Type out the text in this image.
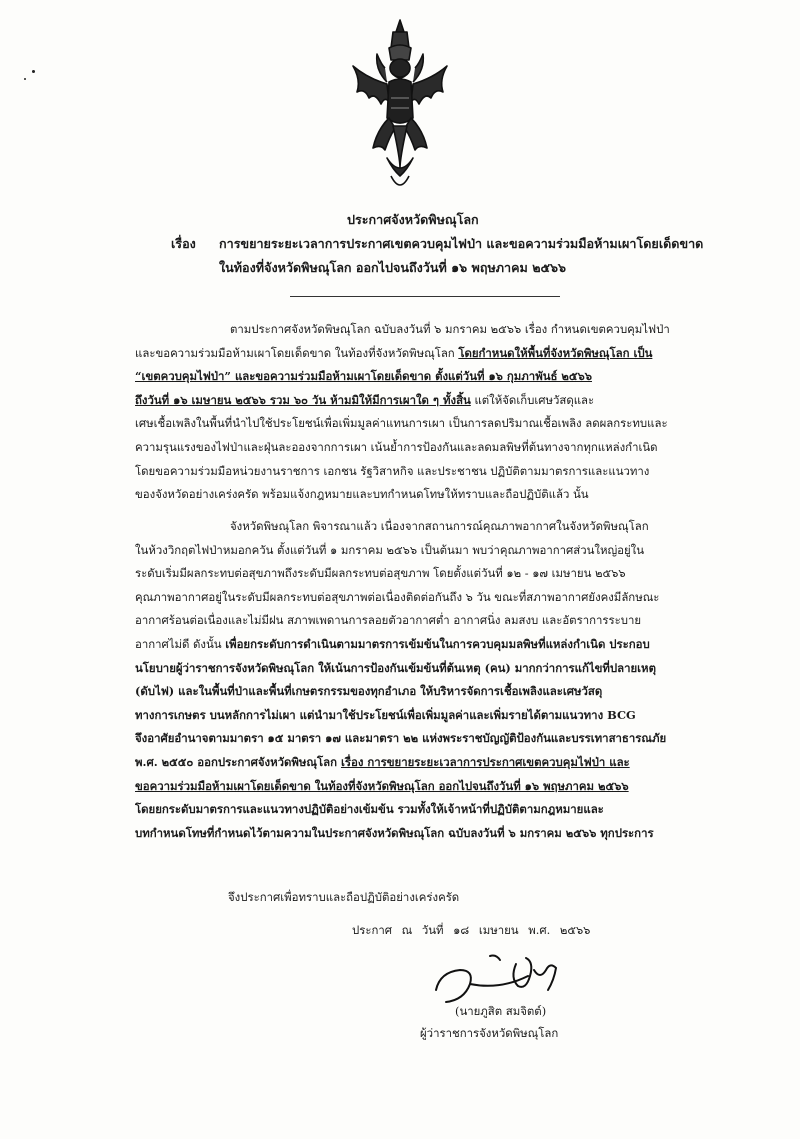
ประกาศจังหวัดพิษณุโลก
เรื่อง การขยายระยะเวลาการประกาศเขตควบคุมไฟป่า และขอความร่วมมือห้ามเผาโดยเด็ดขาด
ในท้องที่จังหวัดพิษณุโลก ออกไปจนถึงวันที่ ๑๖ พฤษภาคม ๒๕๖๖
ตามประกาศจังหวัดพิษณุโลก ฉบับลงวันที่ ๖ มกราคม ๒๕๖๖ เรื่อง กำหนดเขตควบคุมไฟป่า
และขอความร่วมมือห้ามเผาโดยเด็ดขาด ในท้องที่จังหวัดพิษณุโลก โดยกำหนดให้พื้นที่จังหวัดพิษณุโลก เป็น
“เขตควบคุมไฟป่า” และขอความร่วมมือห้ามเผาโดยเด็ดขาด ตั้งแต่วันที่ ๑๖ กุมภาพันธ์ ๒๕๖๖
ถึงวันที่ ๑๖ เมษายน ๒๕๖๖ รวม ๖๐ วัน ห้ามมิให้มีการเผาใด ๆ ทั้งสิ้น แต่ให้จัดเก็บเศษวัสดุและ
เศษเชื้อเพลิงในพื้นที่นำไปใช้ประโยชน์เพื่อเพิ่มมูลค่าแทนการเผา เป็นการลดปริมาณเชื้อเพลิง ลดผลกระทบและ
ความรุนแรงของไฟป่าและฝุ่นละอองจากการเผา เน้นย้ำการป้องกันและลดมลพิษที่ต้นทางจากทุกแหล่งกำเนิด
โดยขอความร่วมมือหน่วยงานราชการ เอกชน รัฐวิสาหกิจ และประชาชน ปฏิบัติตามมาตรการและแนวทาง
ของจังหวัดอย่างเคร่งครัด พร้อมแจ้งกฎหมายและบทกำหนดโทษให้ทราบและถือปฏิบัติแล้ว นั้น
จังหวัดพิษณุโลก พิจารณาแล้ว เนื่องจากสถานการณ์คุณภาพอากาศในจังหวัดพิษณุโลก
ในห้วงวิกฤตไฟป่าหมอกควัน ตั้งแต่วันที่ ๑ มกราคม ๒๕๖๖ เป็นต้นมา พบว่าคุณภาพอากาศส่วนใหญ่อยู่ใน
ระดับเริ่มมีผลกระทบต่อสุขภาพถึงระดับมีผลกระทบต่อสุขภาพ โดยตั้งแต่วันที่ ๑๒ - ๑๗ เมษายน ๒๕๖๖
คุณภาพอากาศอยู่ในระดับมีผลกระทบต่อสุขภาพต่อเนื่องติดต่อกันถึง ๖ วัน ขณะที่สภาพอากาศยังคงมีลักษณะ
อากาศร้อนต่อเนื่องและไม่มีฝน สภาพเพดานการลอยตัวอากาศต่ำ อากาศนิ่ง ลมสงบ และอัตราการระบาย
อากาศไม่ดี ดังนั้น เพื่อยกระดับการดำเนินตามมาตรการเข้มข้นในการควบคุมมลพิษที่แหล่งกำเนิด ประกอบ
นโยบายผู้ว่าราชการจังหวัดพิษณุโลก ให้เน้นการป้องกันเข้มข้นที่ต้นเหตุ (คน) มากกว่าการแก้ไขที่ปลายเหตุ
(ดับไฟ) และในพื้นที่ป่าและพื้นที่เกษตรกรรมของทุกอำเภอ ให้บริหารจัดการเชื้อเพลิงและเศษวัสดุ
ทางการเกษตร บนหลักการไม่เผา แต่นำมาใช้ประโยชน์เพื่อเพิ่มมูลค่าและเพิ่มรายได้ตามแนวทาง BCG
จึงอาศัยอำนาจตามมาตรา ๑๕ มาตรา ๑๗ และมาตรา ๒๒ แห่งพระราชบัญญัติป้องกันและบรรเทาสาธารณภัย
พ.ศ. ๒๕๕๐ ออกประกาศจังหวัดพิษณุโลก เรื่อง การขยายระยะเวลาการประกาศเขตควบคุมไฟป่า และ
ขอความร่วมมือห้ามเผาโดยเด็ดขาด ในท้องที่จังหวัดพิษณุโลก ออกไปจนถึงวันที่ ๑๖ พฤษภาคม ๒๕๖๖
โดยยกระดับมาตรการและแนวทางปฏิบัติอย่างเข้มข้น รวมทั้งให้เจ้าหน้าที่ปฏิบัติตามกฎหมายและ
บทกำหนดโทษที่กำหนดไว้ตามความในประกาศจังหวัดพิษณุโลก ฉบับลงวันที่ ๖ มกราคม ๒๕๖๖ ทุกประการ
จึงประกาศเพื่อทราบและถือปฏิบัติอย่างเคร่งครัด
ประกาศ ณ วันที่ ๑๘ เมษายน พ.ศ. ๒๕๖๖
(นายภูสิต สมจิตต์)
ผู้ว่าราชการจังหวัดพิษณุโลก
